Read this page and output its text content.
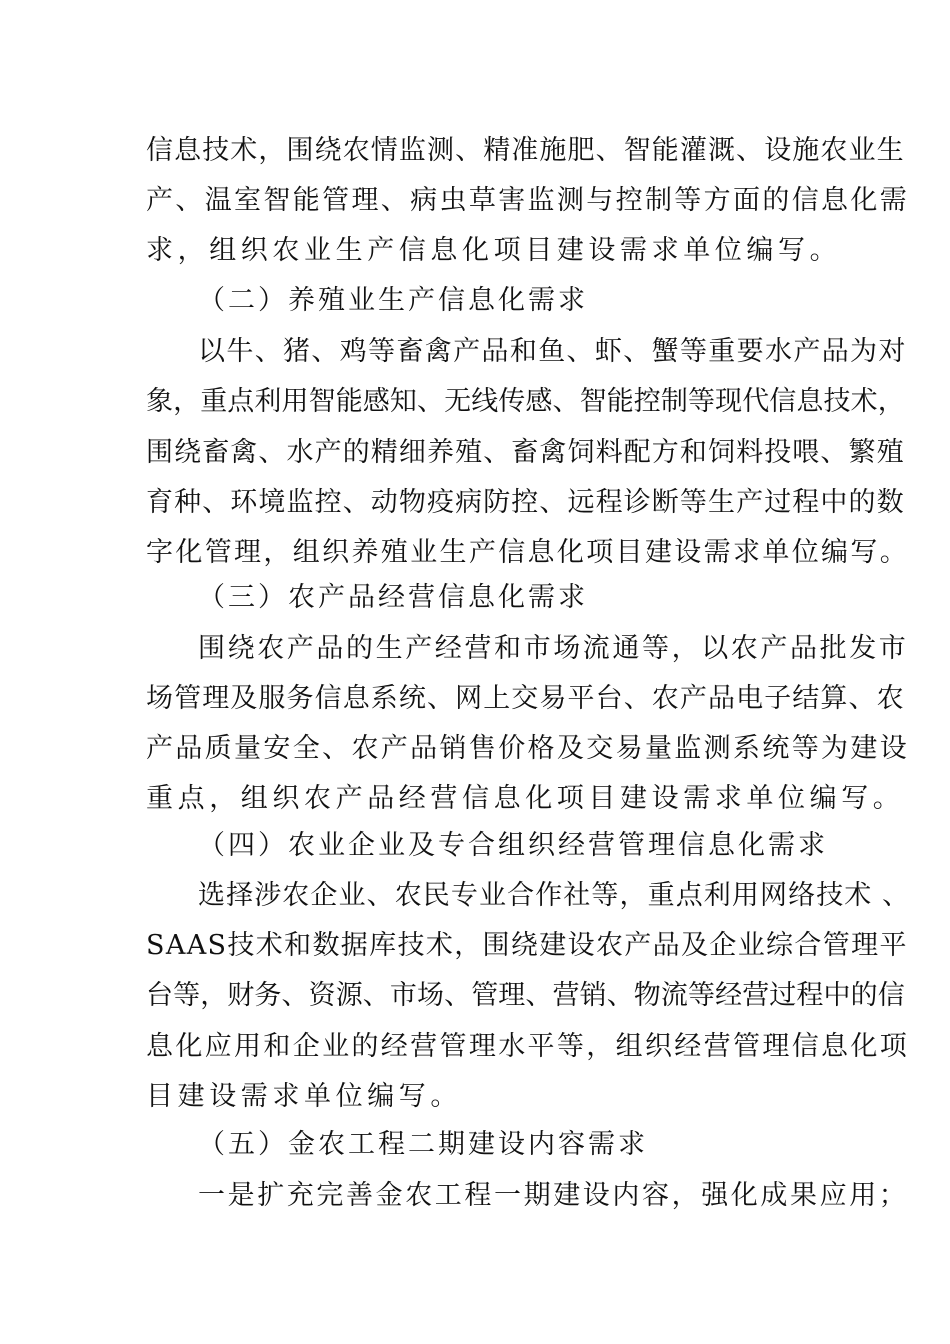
信息技术，围绕农情监测、精准施肥、智能灌溉、设施农业生
产、温室智能管理、病虫草害监测与控制等方面的信息化需
求，组织农业生产信息化项目建设需求单位编写。
（二）养殖业生产信息化需求
以牛、猪、鸡等畜禽产品和鱼、虾、蟹等重要水产品为对
象，重点利用智能感知、无线传感、智能控制等现代信息技术，
围绕畜禽、水产的精细养殖、畜禽饲料配方和饲料投喂、繁殖
育种、环境监控、动物疫病防控、远程诊断等生产过程中的数
字化管理，组织养殖业生产信息化项目建设需求单位编写。
（三）农产品经营信息化需求
围绕农产品的生产经营和市场流通等，以农产品批发市
场管理及服务信息系统、网上交易平台、农产品电子结算、农
产品质量安全、农产品销售价格及交易量监测系统等为建设
重点，组织农产品经营信息化项目建设需求单位编写。
（四）农业企业及专合组织经营管理信息化需求
选择涉农企业、农民专业合作社等，重点利用网络技术 、
SAAS技术和数据库技术，围绕建设农产品及企业综合管理平
台等，财务、资源、市场、管理、营销、物流等经营过程中的信
息化应用和企业的经营管理水平等，组织经营管理信息化项
目建设需求单位编写。
（五）金农工程二期建设内容需求
一是扩充完善金农工程一期建设内容，强化成果应用；
